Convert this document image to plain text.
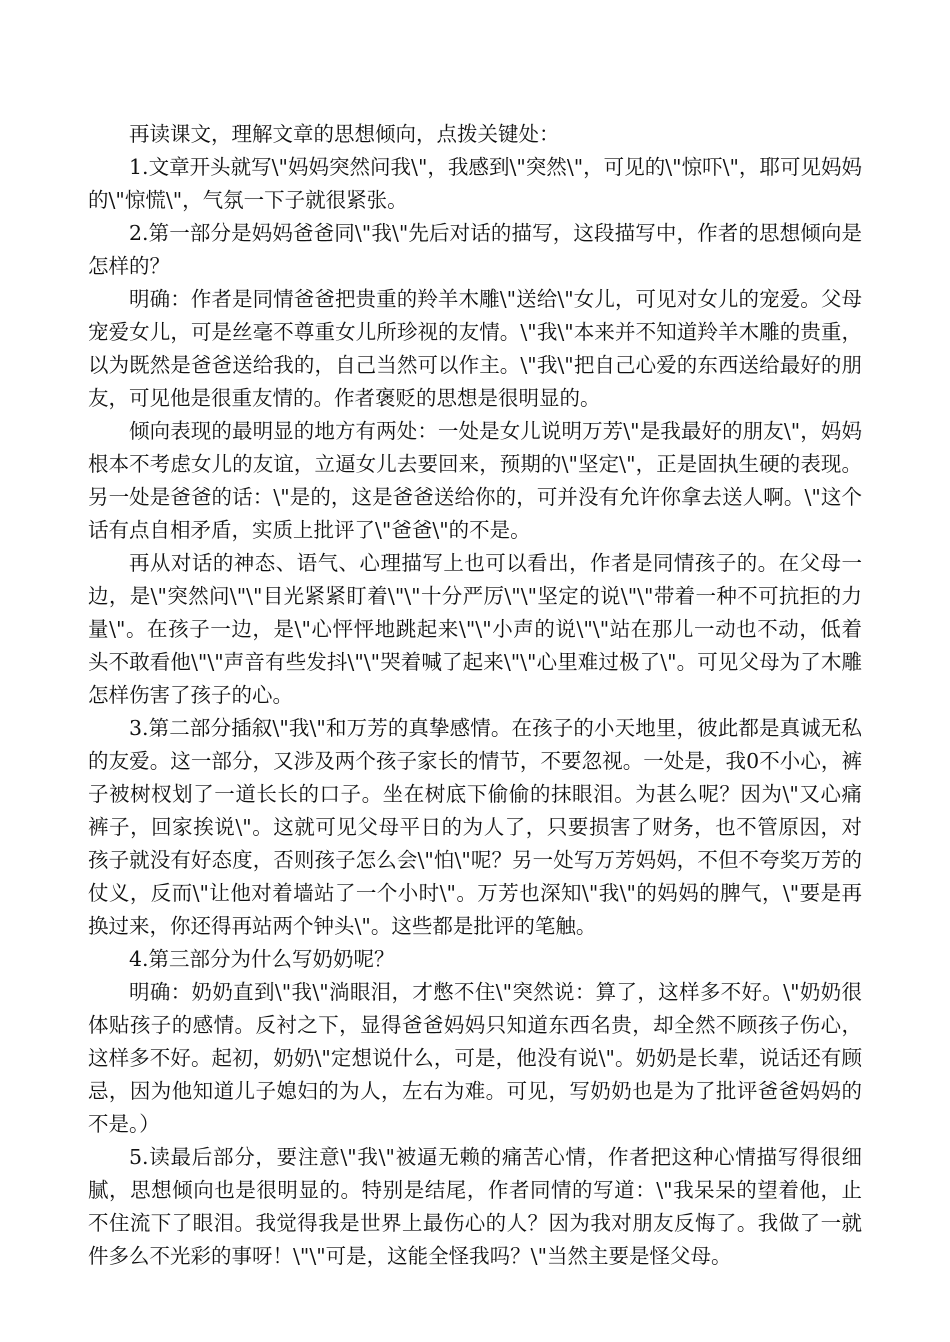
再读课文，理解文章的思想倾向，点拨关键处：

1.文章开头就写\"妈妈突然问我\"，我感到\"突然\"，可见的\"惊吓\"，耶可见妈妈的\"惊慌\"，气氛一下子就很紧张。

2.第一部分是妈妈爸爸同\"我\"先后对话的描写，这段描写中，作者的思想倾向是怎样的？

明确：作者是同情爸爸把贵重的羚羊木雕\"送给\"女儿，可见对女儿的宠爱。父母宠爱女儿，可是丝毫不尊重女儿所珍视的友情。\"我\"本来并不知道羚羊木雕的贵重，以为既然是爸爸送给我的，自己当然可以作主。\"我\"把自己心爱的东西送给最好的朋友，可见他是很重友情的。作者褒贬的思想是很明显的。

倾向表现的最明显的地方有两处：一处是女儿说明万芳\"是我最好的朋友\"，妈妈根本不考虑女儿的友谊，立逼女儿去要回来，预期的\"坚定\"，正是固执生硬的表现。另一处是爸爸的话：\"是的，这是爸爸送给你的，可并没有允许你拿去送人啊。\"这个话有点自相矛盾，实质上批评了\"爸爸\"的不是。

再从对话的神态、语气、心理描写上也可以看出，作者是同情孩子的。在父母一边，是\"突然问\"\"目光紧紧盯着\"\"十分严厉\"\"坚定的说\"\"带着一种不可抗拒的力量\"。在孩子一边，是\"心怦怦地跳起来\"\"小声的说\"\"站在那儿一动也不动，低着头不敢看他\"\"声音有些发抖\"\"哭着喊了起来\"\"心里难过极了\"。可见父母为了木雕怎样伤害了孩子的心。

3.第二部分插叙\"我\"和万芳的真挚感情。在孩子的小天地里，彼此都是真诚无私的友爱。这一部分，又涉及两个孩子家长的情节，不要忽视。一处是，我0不小心，裤子被树杈划了一道长长的口子。坐在树底下偷偷的抹眼泪。为甚么呢？因为\"又心痛裤子，回家挨说\"。这就可见父母平日的为人了，只要损害了财务，也不管原因，对孩子就没有好态度，否则孩子怎么会\"怕\"呢？另一处写万芳妈妈，不但不夸奖万芳的仗义，反而\"让他对着墙站了一个小时\"。万芳也深知\"我\"的妈妈的脾气，\"要是再换过来，你还得再站两个钟头\"。这些都是批评的笔触。

4.第三部分为什么写奶奶呢？

明确：奶奶直到\"我\"淌眼泪，才憋不住\"突然说：算了，这样多不好。\"奶奶很体贴孩子的感情。反衬之下，显得爸爸妈妈只知道东西名贵，却全然不顾孩子伤心，这样多不好。起初，奶奶\"定想说什么，可是，他没有说\"。奶奶是长辈，说话还有顾忌，因为他知道儿子媳妇的为人，左右为难。可见，写奶奶也是为了批评爸爸妈妈的不是。）

5.读最后部分，要注意\"我\"被逼无赖的痛苦心情，作者把这种心情描写得很细腻，思想倾向也是很明显的。特别是结尾，作者同情的写道：\"我呆呆的望着他，止不住流下了眼泪。我觉得我是世界上最伤心的人？因为我对朋友反悔了。我做了一就件多么不光彩的事呀！\"\"可是，这能全怪我吗？\"当然主要是怪父母。
